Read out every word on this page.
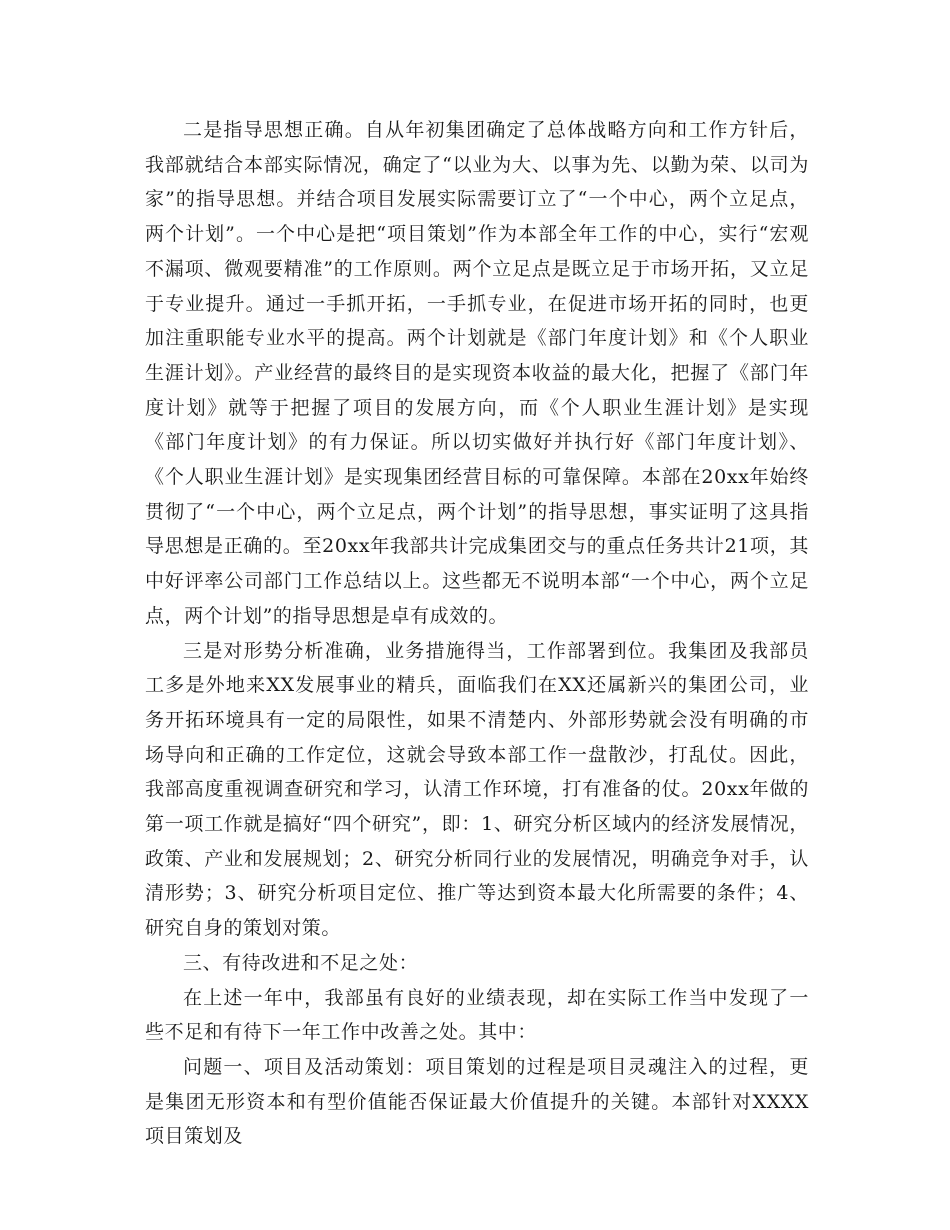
二是指导思想正确。自从年初集团确定了总体战略方向和工作方针后，我部就结合本部实际情况，确定了“以业为大、以事为先、以勤为荣、以司为家”的指导思想。并结合项目发展实际需要订立了“一个中心，两个立足点，两个计划”。一个中心是把“项目策划”作为本部全年工作的中心，实行“宏观不漏项、微观要精准”的工作原则。两个立足点是既立足于市场开拓，又立足于专业提升。通过一手抓开拓，一手抓专业，在促进市场开拓的同时，也更加注重职能专业水平的提高。两个计划就是《部门年度计划》和《个人职业生涯计划》。产业经营的最终目的是实现资本收益的最大化，把握了《部门年度计划》就等于把握了项目的发展方向，而《个人职业生涯计划》是实现《部门年度计划》的有力保证。所以切实做好并执行好《部门年度计划》、《个人职业生涯计划》是实现集团经营目标的可靠保障。本部在20xx年始终贯彻了“一个中心，两个立足点，两个计划”的指导思想，事实证明了这具指导思想是正确的。至20xx年我部共计完成集团交与的重点任务共计21项，其中好评率公司部门工作总结以上。这些都无不说明本部“一个中心，两个立足点，两个计划”的指导思想是卓有成效的。

三是对形势分析准确，业务措施得当，工作部署到位。我集团及我部员工多是外地来XX发展事业的精兵，面临我们在XX还属新兴的集团公司，业务开拓环境具有一定的局限性，如果不清楚内、外部形势就会没有明确的市场导向和正确的工作定位，这就会导致本部工作一盘散沙，打乱仗。因此，我部高度重视调查研究和学习，认清工作环境，打有准备的仗。20xx年做的第一项工作就是搞好“四个研究”，即：1、研究分析区域内的经济发展情况，政策、产业和发展规划；2、研究分析同行业的发展情况，明确竞争对手，认清形势；3、研究分析项目定位、推广等达到资本最大化所需要的条件；4、研究自身的策划对策。

三、有待改进和不足之处：

在上述一年中，我部虽有良好的业绩表现，却在实际工作当中发现了一些不足和有待下一年工作中改善之处。其中：

问题一、项目及活动策划：项目策划的过程是项目灵魂注入的过程，更是集团无形资本和有型价值能否保证最大价值提升的关键。本部针对XXXX项目策划及
